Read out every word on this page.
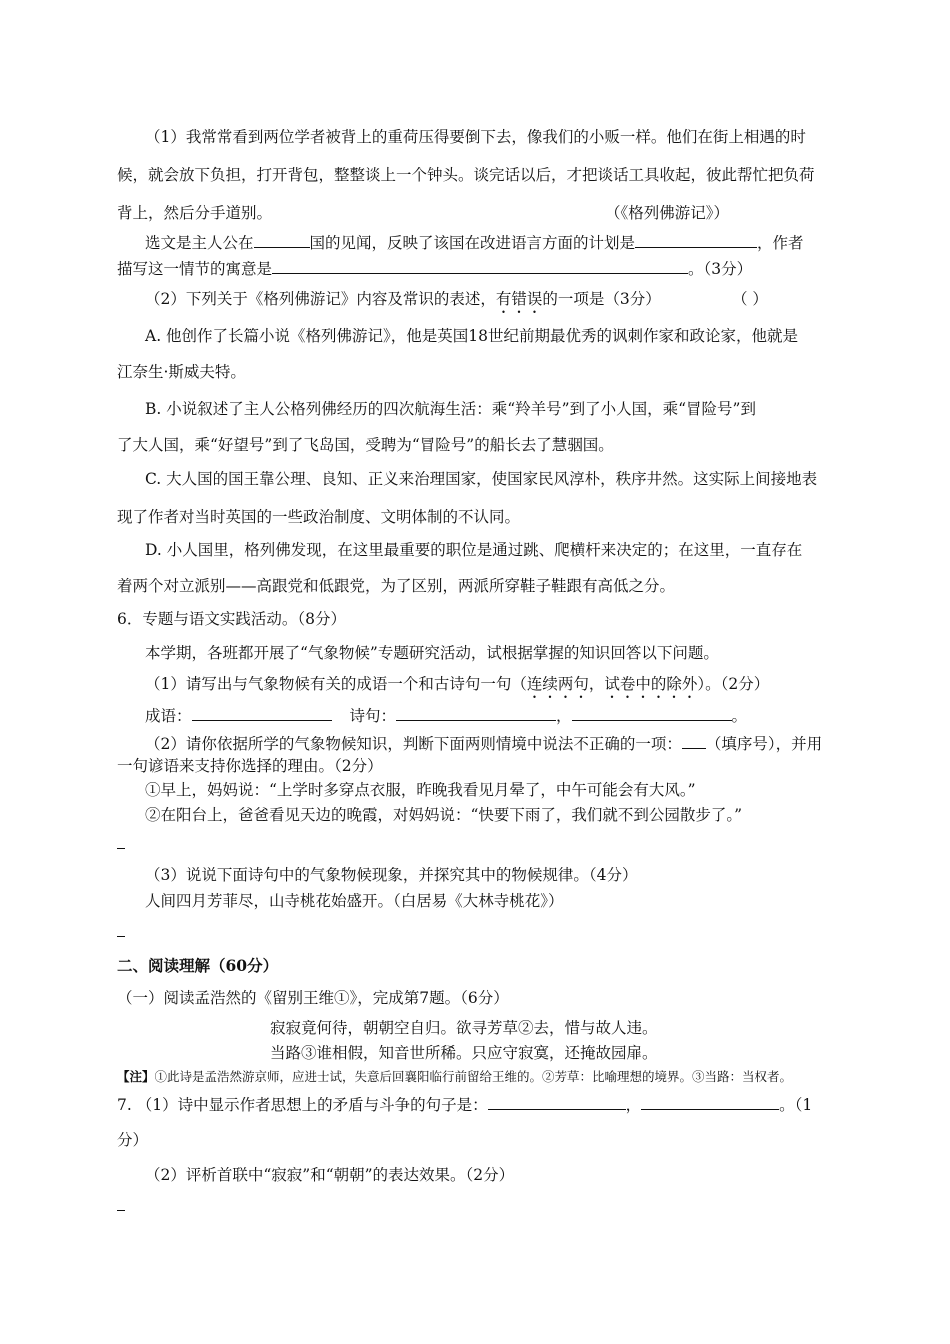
（1）我常常看到两位学者被背上的重荷压得要倒下去，像我们的小贩一样。他们在街上相遇的时
候，就会放下负担，打开背包，整整谈上一个钟头。谈完话以后，才把谈话工具收起，彼此帮忙把负荷
背上，然后分手道别。	（《格列佛游记》）
选文是主人公在	国的见闻，反映了该国在改进语言方面的计划是	，作者
描写这一情节的寓意是	。（3分）
（2）下列关于《格列佛游记》内容及常识的表述，有错误的一项是（3分）	（ ）
A. 他创作了长篇小说《格列佛游记》，他是英国18世纪前期最优秀的讽刺作家和政论家，他就是
江奈生·斯威夫特。
B. 小说叙述了主人公格列佛经历的四次航海生活：乘“羚羊号”到了小人国，乘“冒险号”到
了大人国，乘“好望号”到了飞岛国，受聘为“冒险号”的船长去了慧骃国。
C. 大人国的国王靠公理、良知、正义来治理国家，使国家民风淳朴，秩序井然。这实际上间接地表
现了作者对当时英国的一些政治制度、文明体制的不认同。
D. 小人国里，格列佛发现，在这里最重要的职位是通过跳、爬横杆来决定的；在这里，一直存在
着两个对立派别——高跟党和低跟党，为了区别，两派所穿鞋子鞋跟有高低之分。
6．专题与语文实践活动。（8分）
本学期，各班都开展了“气象物候”专题研究活动，试根据掌握的知识回答以下问题。
（1）请写出与气象物候有关的成语一个和古诗句一句（连续两句，试卷中的除外）。（2分）
成语：	诗句：	，	。
（2）请你依据所学的气象物候知识，判断下面两则情境中说法不正确的一项： （填序号），并用
一句谚语来支持你选择的理由。（2分）
①早上，妈妈说：“上学时多穿点衣服，昨晚我看见月晕了，中午可能会有大风。”
②在阳台上，爸爸看见天边的晚霞，对妈妈说：“快要下雨了，我们就不到公园散步了。”
（3）说说下面诗句中的气象物候现象，并探究其中的物候规律。（4分）
人间四月芳菲尽，山寺桃花始盛开。（白居易《大林寺桃花》）
二、阅读理解（60分）
（一）阅读孟浩然的《留别王维①》，完成第7题。（6分）
寂寂竟何待，朝朝空自归。欲寻芳草②去，惜与故人违。
当路③谁相假，知音世所稀。只应守寂寞，还掩故园扉。
【注】①此诗是孟浩然游京师，应进士试，失意后回襄阳临行前留给王维的。②芳草：比喻理想的境界。③当路：当权者。
7. （1）诗中显示作者思想上的矛盾与斗争的句子是：	，	。（1
分）
（2）评析首联中“寂寂”和“朝朝”的表达效果。（2分）
